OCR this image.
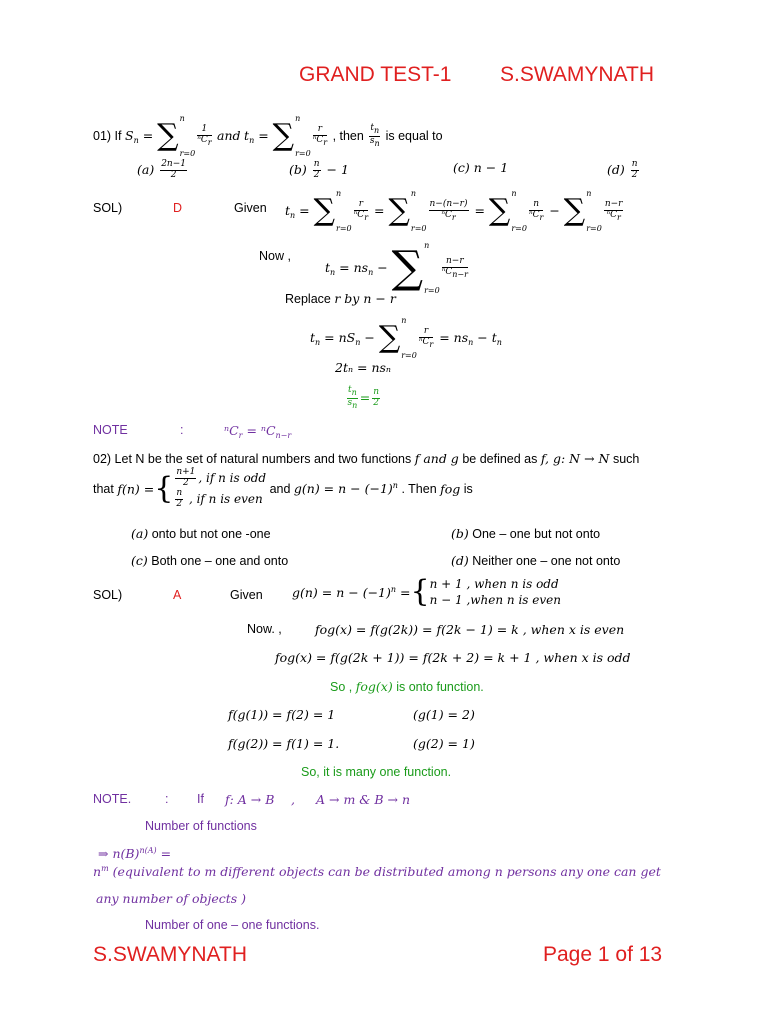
GRAND TEST-1 S.SWAMYNATH
01) If $S_n$ = ∑ n
r=0
$\frac{1}{\text{ⁿCr}}$ and $t_n$ = ∑ n
r=0
$\frac{r}{\text{ⁿCr}}$ , then $\frac{tn}{sn}$ is equal to
$(a) \frac{2n-1}{2}$	$(b) \frac{n}{2} - 1$	(c) n − 1	$(d) \frac{n}{2}$
SOL)	D	Given $t_n$ = ∑ n
r=0
$\frac{r}{\text{ⁿCr}}$ = ∑ n
r=0
$\frac{n-(n-r)}{\text{ⁿCr}}$ = ∑ n
r=0
$\frac{n}{\text{ⁿCr}}$ − ∑ n
r=0
$\frac{n-r}{\text{ⁿCr}}$
Now ,
$t_n = ns_n$ − ∑ n
r=0
$\frac{n-r}{\text{ⁿCn−r}}$
Replace r by n − r
$t_n = nS_n$ − ∑ n
r=0
$\frac{r}{\text{ⁿCr}} = ns_n - t_n$
2tₙ = nsₙ
$\frac{tn}{sn} = \frac{n}{2}$
NOTE	:	ⁿC$_r$ = ⁿC$_{n-r}$
02) Let N be the set of natural numbers and two functions f and g be defined as f, g: N → N such
that f(n) ={ $\frac{n+1}{2}$ , if n is odd
$\frac{n}{2}$ , if n is even
and $g(n) = n - (-1)^n$ . Then fog is
(a) onto but not one -one	(b) One – one but not onto
(c) Both one – one and onto	(d) Neither one – one not onto
SOL)	A	Given $g(n) = n - (-1)^n$ ={ n + 1 , when n is odd
n − 1 ,when n is even
Now. ,	fog(x) = f(g(2k)) = f(2k − 1) = k , when x is even
fog(x) = f(g(2k + 1)) = f(2k + 2) = k + 1 , when x is odd
So , fog(x) is onto function.
f(g(1)) = f(2) = 1	(g(1) = 2)
f(g(2)) = f(1) = 1.	(g(2) = 1)
So, it is many one function.
NOTE.	: If f: A → B , A → m & B → n
Number of functions
⇒ $n(B)^{n(A)}$ =
$n^m$ (equivalent to m different objects can be distributed among n persons any one can get
any number of objects )
Number of one – one functions.
S.SWAMYNATH	Page 1 of 13
